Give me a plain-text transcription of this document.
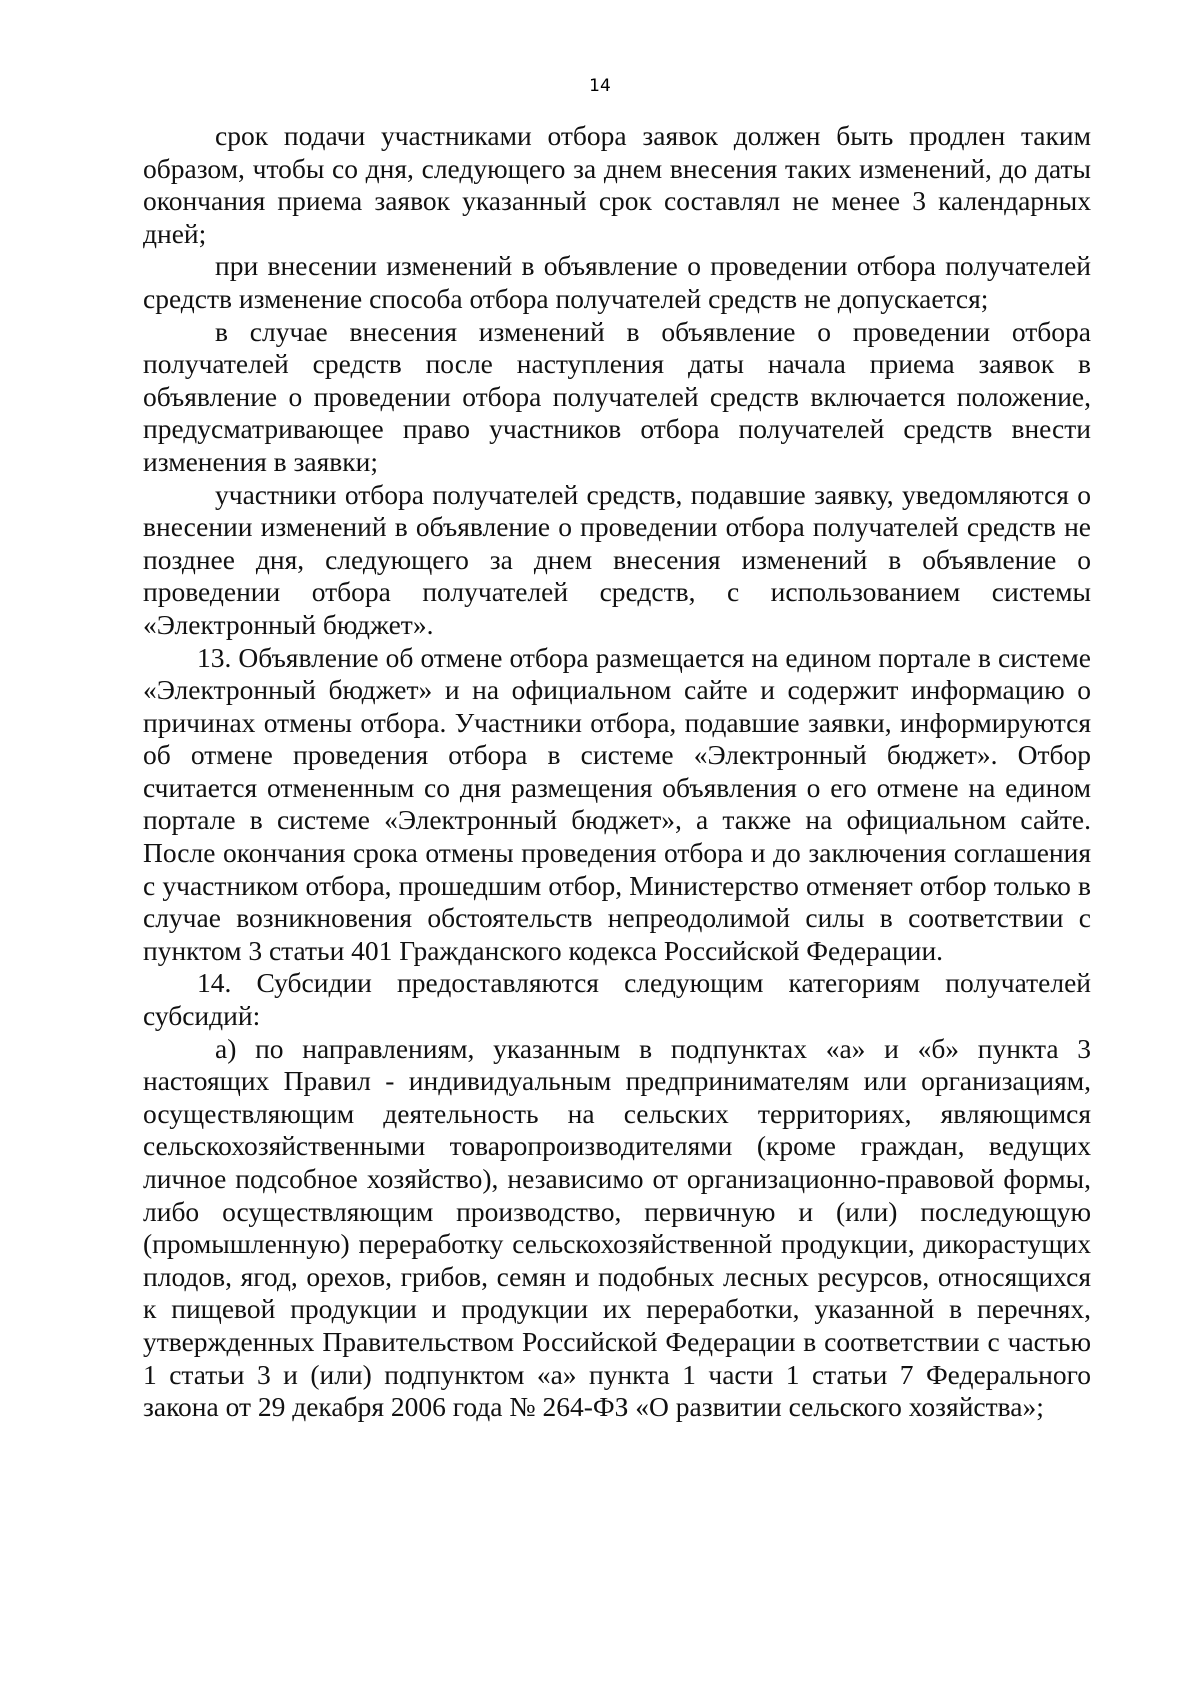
14

срок подачи участниками отбора заявок должен быть продлен таким образом, чтобы со дня, следующего за днем внесения таких изменений, до даты окончания приема заявок указанный срок составлял не менее 3 календарных дней;

при внесении изменений в объявление о проведении отбора получателей средств изменение способа отбора получателей средств не допускается;

в случае внесения изменений в объявление о проведении отбора получателей средств после наступления даты начала приема заявок в объявление о проведении отбора получателей средств включается положение, предусматривающее право участников отбора получателей средств внести изменения в заявки;

участники отбора получателей средств, подавшие заявку, уведомляются о внесении изменений в объявление о проведении отбора получателей средств не позднее дня, следующего за днем внесения изменений в объявление о проведении отбора получателей средств, с использованием системы «Электронный бюджет».

13. Объявление об отмене отбора размещается на едином портале в системе «Электронный бюджет» и на официальном сайте и содержит информацию о причинах отмены отбора. Участники отбора, подавшие заявки, информируются об отмене проведения отбора в системе «Электронный бюджет». Отбор считается отмененным со дня размещения объявления о его отмене на едином портале в системе «Электронный бюджет», а также на официальном сайте. После окончания срока отмены проведения отбора и до заключения соглашения с участником отбора, прошедшим отбор, Министерство отменяет отбор только в случае возникновения обстоятельств непреодолимой силы в соответствии с пунктом 3 статьи 401 Гражданского кодекса Российской Федерации.

14. Субсидии предоставляются следующим категориям получателей субсидий:

а) по направлениям, указанным в подпунктах «а» и «б» пункта 3 настоящих Правил - индивидуальным предпринимателям или организациям, осуществляющим деятельность на сельских территориях, являющимся сельскохозяйственными товаропроизводителями (кроме граждан, ведущих личное подсобное хозяйство), независимо от организационно-правовой формы, либо осуществляющим производство, первичную и (или) последующую (промышленную) переработку сельскохозяйственной продукции, дикорастущих плодов, ягод, орехов, грибов, семян и подобных лесных ресурсов, относящихся к пищевой продукции и продукции их переработки, указанной в перечнях, утвержденных Правительством Российской Федерации в соответствии с частью 1 статьи 3 и (или) подпунктом «а» пункта 1 части 1 статьи 7 Федерального закона от 29 декабря 2006 года № 264-ФЗ «О развитии сельского хозяйства»;
